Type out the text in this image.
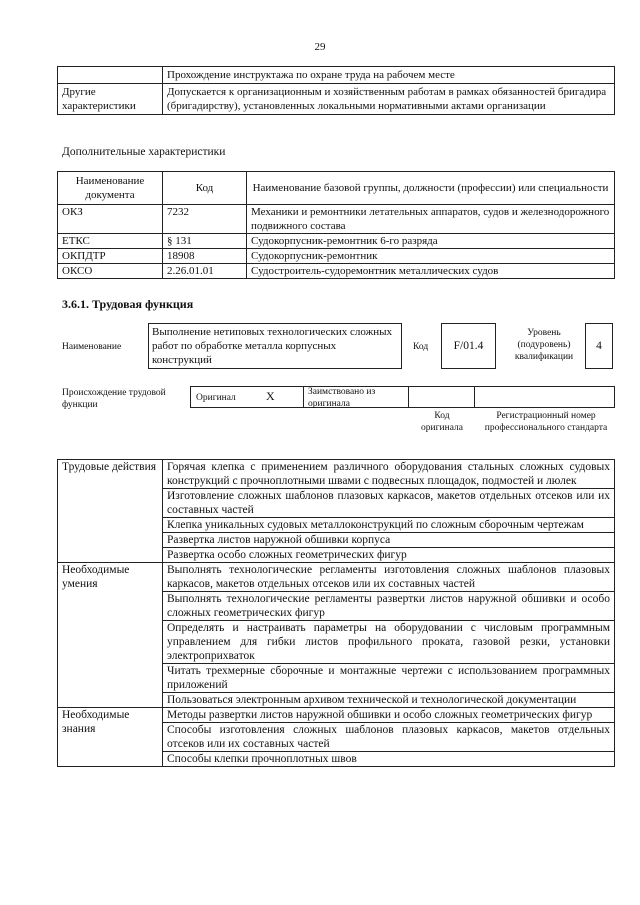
29
	Прохождение инструктажа по охране труда на рабочем месте
Другие характеристики	Допускается к организационным и хозяйственным работам в рамках обязанностей бригадира (бригадирству), установленных локальными нормативными актами организации
Дополнительные характеристики
Наименование документа	Код	Наименование базовой группы, должности (профессии) или специальности
ОКЗ	7232	Механики и ремонтники летательных аппаратов, судов и железнодорожного подвижного состава
ЕТКС	§ 131	Судокорпусник-ремонтник 6-го разряда
ОКПДТР	18908	Судокорпусник-ремонтник
ОКСО	2.26.01.01	Судостроитель-судоремонтник металлических судов
3.6.1. Трудовая функция
Наименование
Выполнение нетиповых технологических сложных работ по обработке металла корпусных конструкций
Код	F/01.4
Уровень (подуровень) квалификации
4
Происхождение трудовой функции
Оригинал	X	Заимствовано из оригинала
Код оригинала
Регистрационный номер профессионального стандарта
Трудовые действия	Горячая клепка с применением различного оборудования стальных сложных судовых конструкций с прочноплотными швами с подвесных площадок, подмостей и люлек
	Изготовление сложных шаблонов плазовых каркасов, макетов отдельных отсеков или их составных частей
	Клепка уникальных судовых металлоконструкций по сложным сборочным чертежам
	Развертка листов наружной обшивки корпуса
	Развертка особо сложных геометрических фигур
Необходимые умения	Выполнять технологические регламенты изготовления сложных шаблонов плазовых каркасов, макетов отдельных отсеков или их составных частей
	Выполнять технологические регламенты развертки листов наружной обшивки и особо сложных геометрических фигур
	Определять и настраивать параметры на оборудовании с числовым программным управлением для гибки листов профильного проката, газовой резки, установки электроприхваток
	Читать трехмерные сборочные и монтажные чертежи с использованием программных приложений
	Пользоваться электронным архивом технической и технологической документации
Необходимые знания	Методы развертки листов наружной обшивки и особо сложных геометрических фигур
	Способы изготовления сложных шаблонов плазовых каркасов, макетов отдельных отсеков или их составных частей
	Способы клепки прочноплотных швов
